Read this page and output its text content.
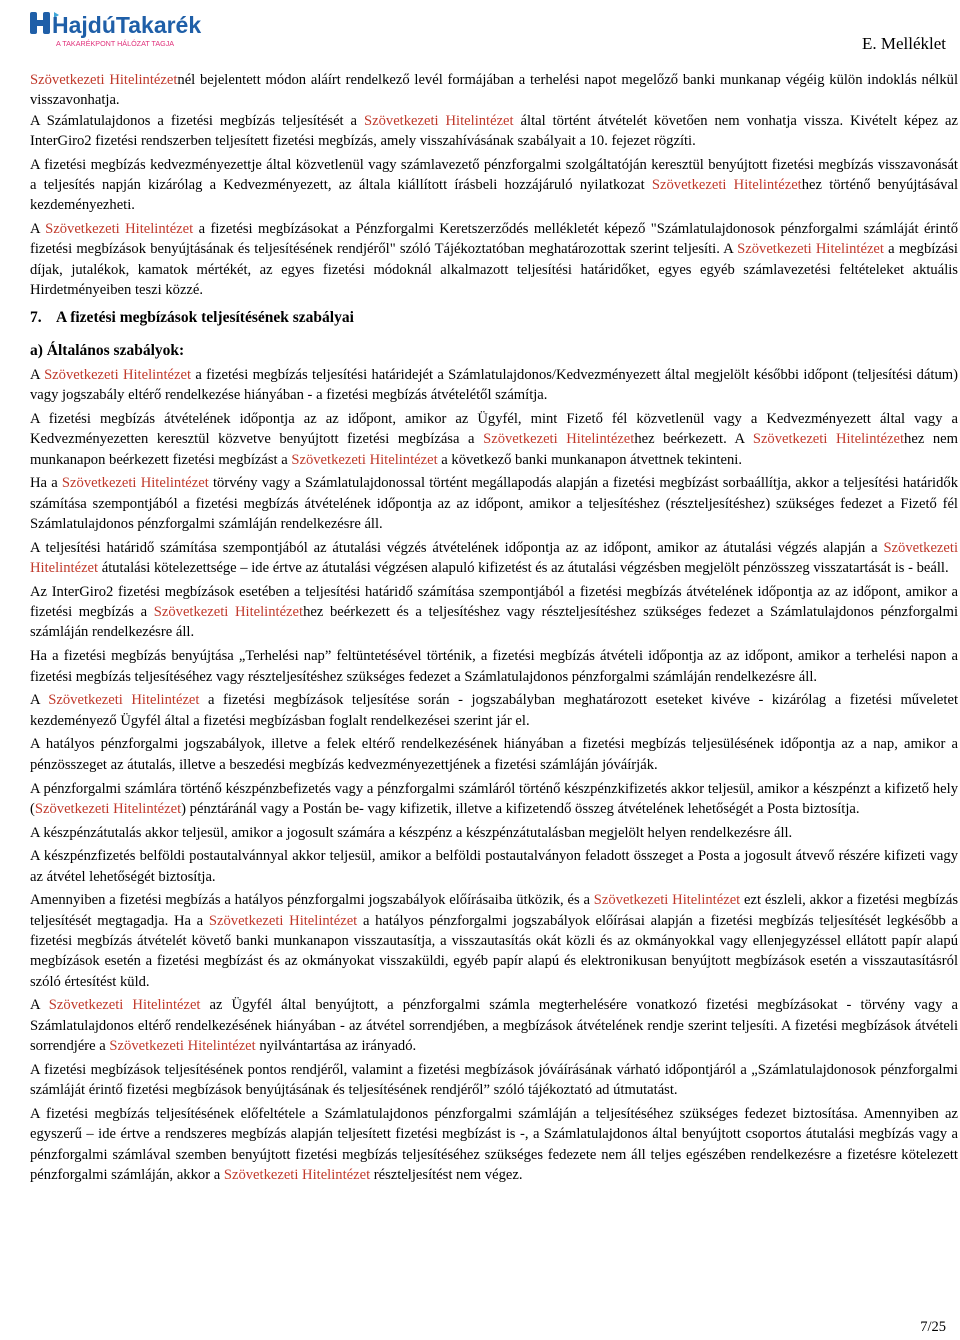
HajdúTakarék
A TAKARÉKPONT HÁLÓZAT TAGJA	E. Melléklet

Szövetkezeti Hitelintézetnél bejelentett módon aláírt rendelkező levél formájában a terhelési napot megelőző banki munkanap végéig külön indoklás nélkül visszavonhatja.

A Számlatulajdonos a fizetési megbízás teljesítését a Szövetkezeti Hitelintézet által történt átvételét követően nem vonhatja vissza. Kivételt képez az InterGiro2 fizetési rendszerben teljesített fizetési megbízás, amely visszahívásának szabályait a 10. fejezet rögzíti.

A fizetési megbízás kedvezményezettje által közvetlenül vagy számlavezető pénzforgalmi szolgáltatóján keresztül benyújtott fizetési megbízás visszavonását a teljesítés napján kizárólag a Kedvezményezett, az általa kiállított írásbeli hozzájáruló nyilatkozat Szövetkezeti Hitelintézethez történő benyújtásával kezdeményezheti.

A Szövetkezeti Hitelintézet a fizetési megbízásokat a Pénzforgalmi Keretszerződés mellékletét képező "Számlatulajdonosok pénzforgalmi számláját érintő fizetési megbízások benyújtásának és teljesítésének rendjéről" szóló Tájékoztatóban meghatározottak szerint teljesíti. A Szövetkezeti Hitelintézet a megbízási díjak, jutalékok, kamatok mértékét, az egyes fizetési módoknál alkalmazott teljesítési határidőket, egyes egyéb számlavezetési feltételeket aktuális Hirdetményeiben teszi közzé.

7. A fizetési megbízások teljesítésének szabályai
a) Általános szabályok:

A Szövetkezeti Hitelintézet a fizetési megbízás teljesítési határidejét a Számlatulajdonos/Kedvezményezett által megjelölt későbbi időpont (teljesítési dátum) vagy jogszabály eltérő rendelkezése hiányában - a fizetési megbízás átvételétől számítja.

A fizetési megbízás átvételének időpontja az az időpont, amikor az Ügyfél, mint Fizető fél közvetlenül vagy a Kedvezményezett által vagy a Kedvezményezetten keresztül közvetve benyújtott fizetési megbízása a Szövetkezeti Hitelintézethez beérkezett. A Szövetkezeti Hitelintézethez nem munkanapon beérkezett fizetési megbízást a Szövetkezeti Hitelintézet a következő banki munkanapon átvettnek tekinteni.

Ha a Szövetkezeti Hitelintézet törvény vagy a Számlatulajdonossal történt megállapodás alapján a fizetési megbízást sorbaállítja, akkor a teljesítési határidők számítása szempontjából a fizetési megbízás átvételének időpontja az az időpont, amikor a teljesítéshez (részteljesítéshez) szükséges fedezet a Fizető fél Számlatulajdonos pénzforgalmi számláján rendelkezésre áll.

A teljesítési határidő számítása szempontjából az átutalási végzés átvételének időpontja az az időpont, amikor az átutalási végzés alapján a Szövetkezeti Hitelintézet átutalási kötelezettsége – ide értve az átutalási végzésen alapuló kifizetést és az átutalási végzésben megjelölt pénzösszeg visszatartását is - beáll.

Az InterGiro2 fizetési megbízások esetében a teljesítési határidő számítása szempontjából a fizetési megbízás átvételének időpontja az az időpont, amikor a fizetési megbízás a Szövetkezeti Hitelintézethez beérkezett és a teljesítéshez vagy részteljesítéshez szükséges fedezet a Számlatulajdonos pénzforgalmi számláján rendelkezésre áll.

Ha a fizetési megbízás benyújtása „Terhelési nap” feltüntetésével történik, a fizetési megbízás átvételi időpontja az az időpont, amikor a terhelési napon a fizetési megbízás teljesítéséhez vagy részteljesítéshez szükséges fedezet a Számlatulajdonos pénzforgalmi számláján rendelkezésre áll.

A Szövetkezeti Hitelintézet a fizetési megbízások teljesítése során - jogszabályban meghatározott eseteket kivéve - kizárólag a fizetési műveletet kezdeményező Ügyfél által a fizetési megbízásban foglalt rendelkezései szerint jár el.

A hatályos pénzforgalmi jogszabályok, illetve a felek eltérő rendelkezésének hiányában a fizetési megbízás teljesülésének időpontja az a nap, amikor a pénzösszeget az átutalás, illetve a beszedési megbízás kedvezményezettjének a fizetési számláján jóváírják.

A pénzforgalmi számlára történő készpénzbefizetés vagy a pénzforgalmi számláról történő készpénzkifizetés akkor teljesül, amikor a készpénzt a kifizető hely (Szövetkezeti Hitelintézet) pénztáránál vagy a Postán be- vagy kifizetik, illetve a kifizetendő összeg átvételének lehetőségét a Posta biztosítja.

A készpénzátutalás akkor teljesül, amikor a jogosult számára a készpénz a készpénzátutalásban megjelölt helyen rendelkezésre áll.

A készpénzfizetés belföldi postautalvánnyal akkor teljesül, amikor a belföldi postautalványon feladott összeget a Posta a jogosult átvevő részére kifizeti vagy az átvétel lehetőségét biztosítja.

Amennyiben a fizetési megbízás a hatályos pénzforgalmi jogszabályok előírásaiba ütközik, és a Szövetkezeti Hitelintézet ezt észleli, akkor a fizetési megbízás teljesítését megtagadja. Ha a Szövetkezeti Hitelintézet a hatályos pénzforgalmi jogszabályok előírásai alapján a fizetési megbízás teljesítését legkésőbb a fizetési megbízás átvételét követő banki munkanapon visszautasítja, a visszautasítás okát közli és az okmányokkal vagy ellenjegyzéssel ellátott papír alapú megbízások esetén a fizetési megbízást és az okmányokat visszaküldi, egyéb papír alapú és elektronikusan benyújtott megbízások esetén a visszautasításról szóló értesítést küld.

A Szövetkezeti Hitelintézet az Ügyfél által benyújtott, a pénzforgalmi számla megterhelésére vonatkozó fizetési megbízásokat - törvény vagy a Számlatulajdonos eltérő rendelkezésének hiányában - az átvétel sorrendjében, a megbízások átvételének rendje szerint teljesíti. A fizetési megbízások átvételi sorrendjére a Szövetkezeti Hitelintézet nyilvántartása az irányadó.

A fizetési megbízások teljesítésének pontos rendjéről, valamint a fizetési megbízások jóváírásának várható időpontjáról a „Számlatulajdonosok pénzforgalmi számláját érintő fizetési megbízások benyújtásának és teljesítésének rendjéről” szóló tájékoztató ad útmutatást.

A fizetési megbízás teljesítésének előfeltétele a Számlatulajdonos pénzforgalmi számláján a teljesítéséhez szükséges fedezet biztosítása. Amennyiben az egyszerű – ide értve a rendszeres megbízás alapján teljesített fizetési megbízást is -, a Számlatulajdonos által benyújtott csoportos átutalási megbízás vagy a pénzforgalmi számlával szemben benyújtott fizetési megbízás teljesítéséhez szükséges fedezete nem áll teljes egészében rendelkezésre a fizetésre kötelezett pénzforgalmi számláján, akkor a Szövetkezeti Hitelintézet részteljesítést nem végez.

7/25
